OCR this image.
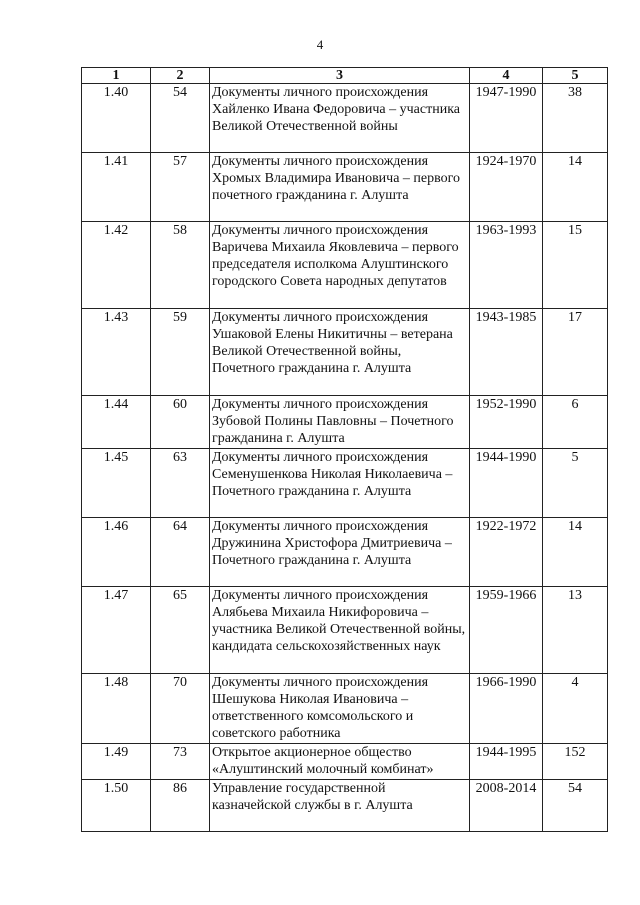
4
1	2	3	4	5
1.40	54	Документы личного происхождения Хайленко Ивана Федоровича – участника Великой Отечественной войны	1947-1990	38
1.41	57	Документы личного происхождения Хромых Владимира Ивановича – первого почетного гражданина г. Алушта	1924-1970	14
1.42	58	Документы личного происхождения Варичева Михаила Яковлевича – первого председателя исполкома Алуштинского городского Совета народных депутатов	1963-1993	15
1.43	59	Документы личного происхождения Ушаковой Елены Никитичны – ветерана Великой Отечественной войны, Почетного гражданина г. Алушта	1943-1985	17
1.44	60	Документы личного происхождения Зубовой Полины Павловны – Почетного гражданина г. Алушта	1952-1990	6
1.45	63	Документы личного происхождения Семенушенкова Николая Николаевича – Почетного гражданина г. Алушта	1944-1990	5
1.46	64	Документы личного происхождения Дружинина Христофора Дмитриевича – Почетного гражданина г. Алушта	1922-1972	14
1.47	65	Документы личного происхождения Алябьева Михаила Никифоровича – участника Великой Отечественной войны, кандидата сельскохозяйственных наук	1959-1966	13
1.48	70	Документы личного происхождения Шешукова Николая Ивановича – ответственного комсомольского и советского работника	1966-1990	4
1.49	73	Открытое акционерное общество «Алуштинский молочный комбинат»	1944-1995	152
1.50	86	Управление государственной казначейской службы в г. Алушта	2008-2014	54
